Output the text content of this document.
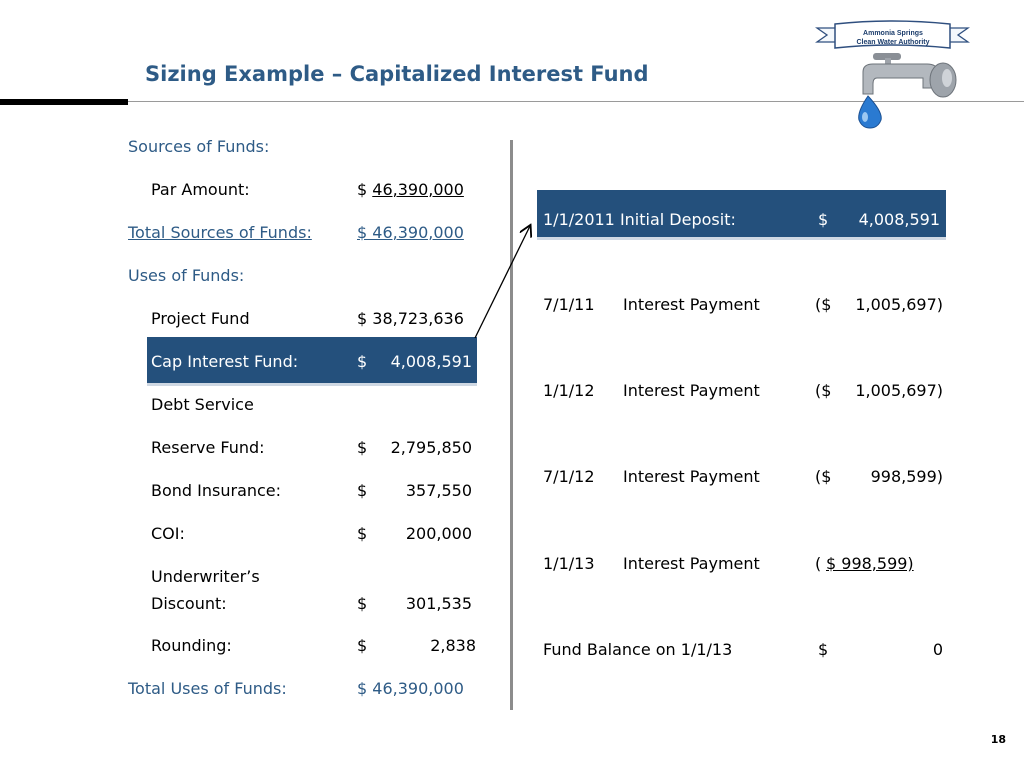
Sizing Example – Capitalized Interest Fund
Ammonia Springs
Clean Water Authority
Sources of Funds:
Par Amount:	$ 46,390,000
Total Sources of Funds:	$ 46,390,000
Uses of Funds:
Project Fund	$ 38,723,636
Cap Interest Fund:	$	4,008,591
Debt Service
Reserve Fund:	$	2,795,850
Bond Insurance:	$	357,550
COI:	$	200,000
Underwriter’s
Discount:	$	301,535
Rounding:	$	2,838
Total Uses of Funds:	$ 46,390,000
1/1/2011 Initial Deposit:	$	4,008,591
7/1/11 Interest Payment	($	1,005,697)
1/1/12 Interest Payment	($	1,005,697)
7/1/12 Interest Payment	($	998,599)
1/1/13 Interest Payment	( $ 998,599)
Fund Balance on 1/1/13	$	0
18
